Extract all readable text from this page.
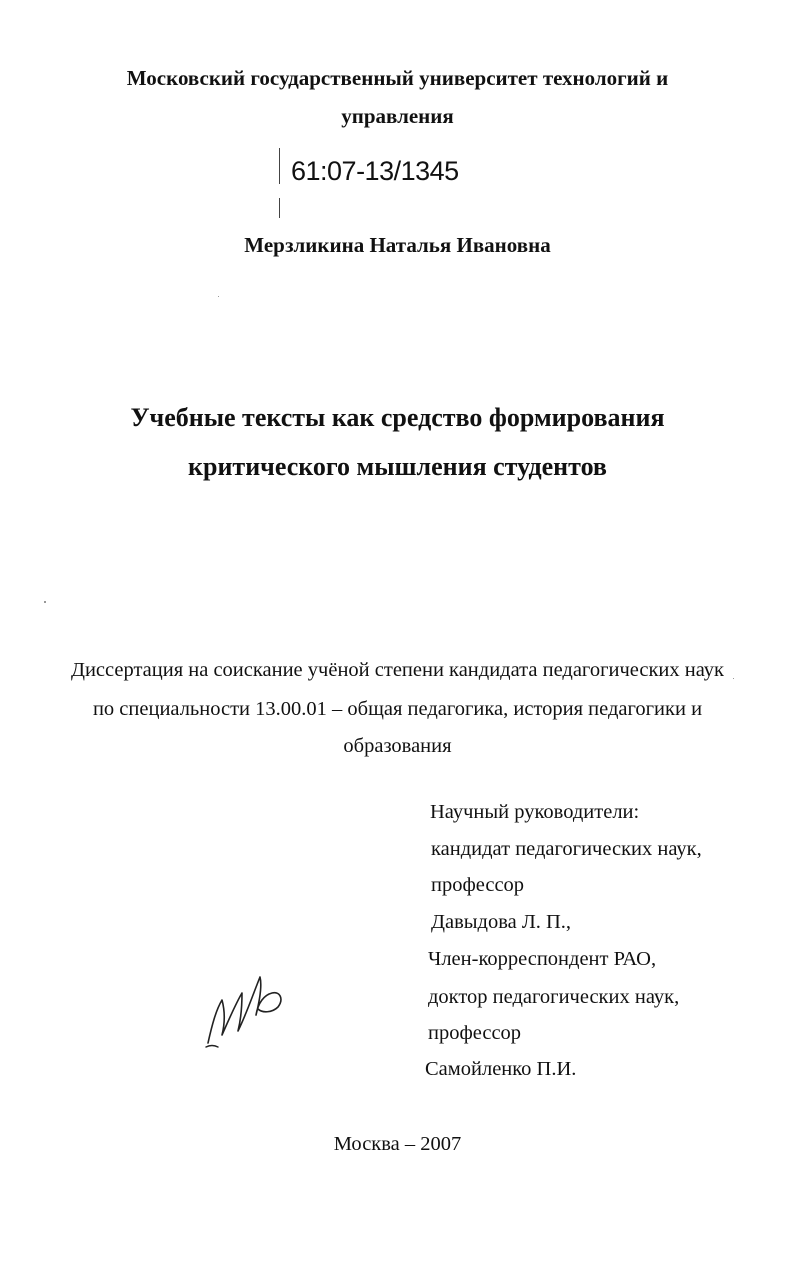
Московский государственный университет технологий и

управления

61:07-13/1345

Мерзликина Наталья Ивановна

Учебные тексты как средство формирования

критического мышления студентов

Диссертация на соискание учёной степени кандидата педагогических наук

по специальности 13.00.01 – общая педагогика, история педагогики и

образования

Научный руководители:

кандидат педагогических наук,

профессор

Давыдова Л. П.,

Член-корреспондент РАО,

доктор педагогических наук,

профессор

Самойленко П.И.

Москва – 2007
